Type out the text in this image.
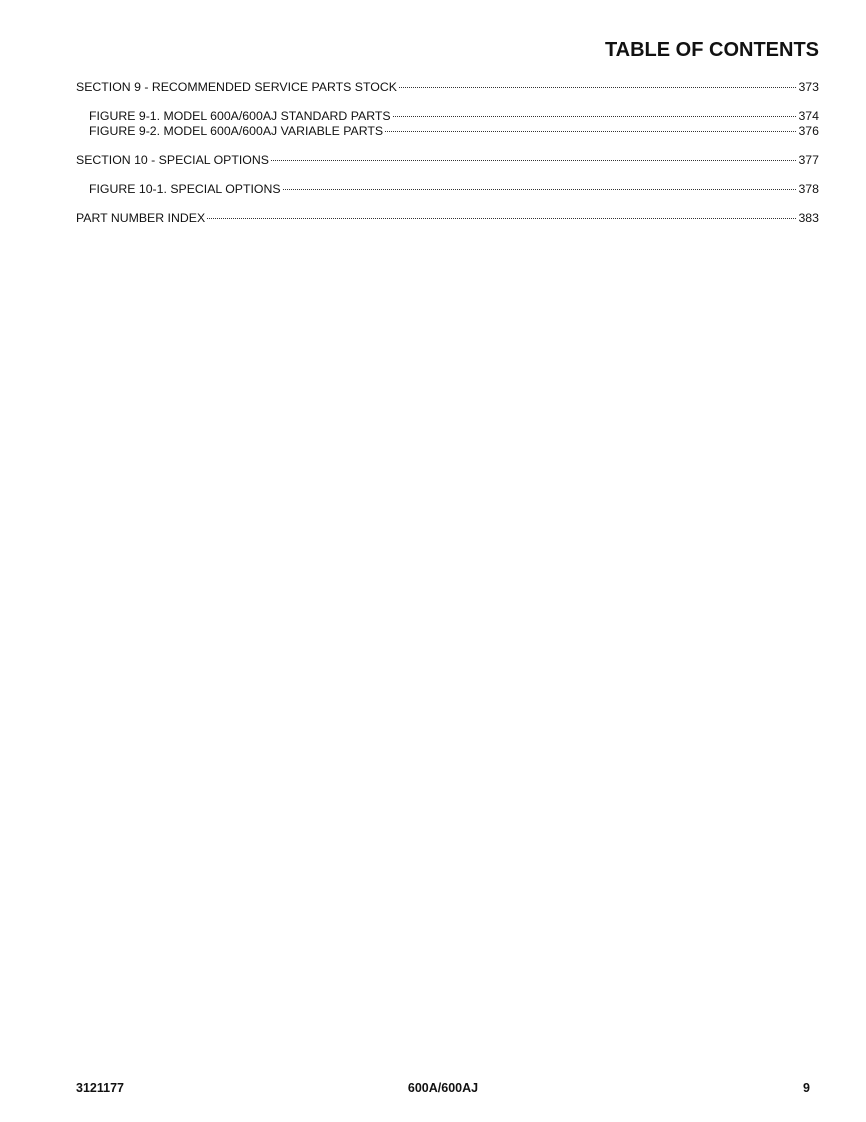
TABLE OF CONTENTS
SECTION 9 - RECOMMENDED SERVICE PARTS STOCK	373
FIGURE 9-1. MODEL 600A/600AJ STANDARD PARTS	374
FIGURE 9-2. MODEL 600A/600AJ VARIABLE PARTS	376
SECTION 10 - SPECIAL OPTIONS	377
FIGURE 10-1. SPECIAL OPTIONS	378
PART NUMBER INDEX	383
600A/600AJ
3121177	9
